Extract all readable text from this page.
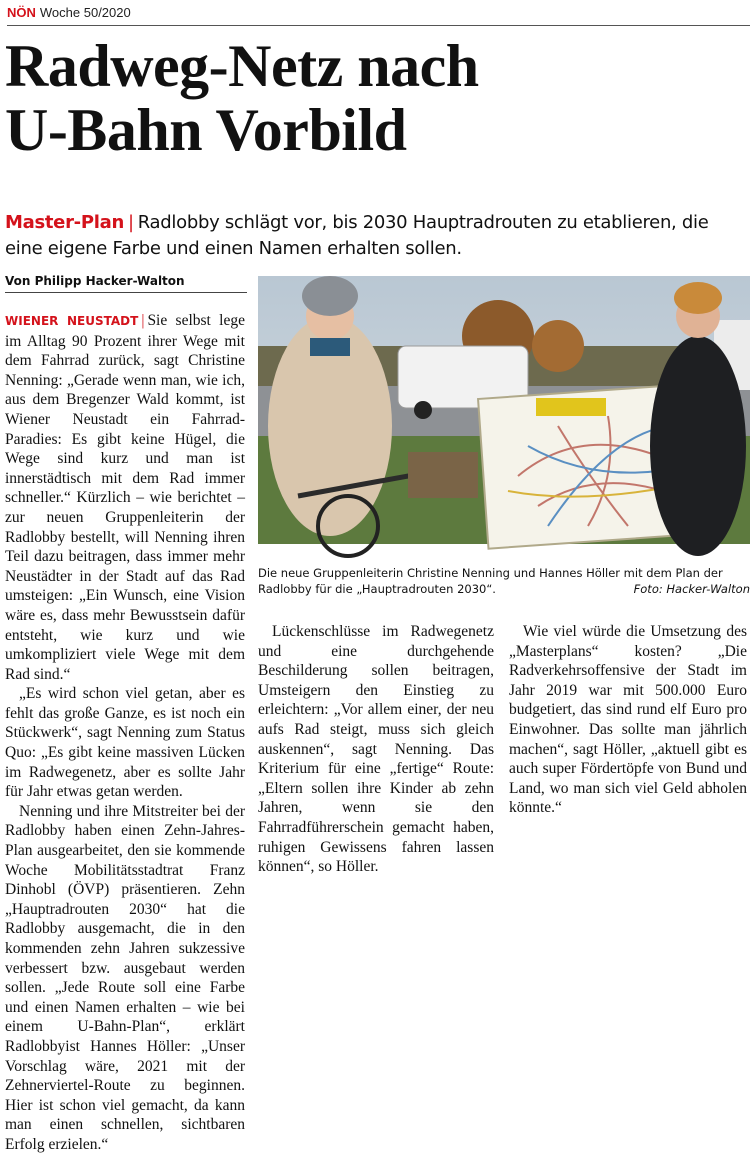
NÖN Woche 50/2020
Radweg-Netz nach
U-Bahn Vorbild
Master-Plan | Radlobby schlägt vor, bis 2030 Hauptradrouten zu etablieren, die eine eigene Farbe und einen Namen erhalten sollen.
Von Philipp Hacker-Walton

WIENER NEUSTADT | Sie selbst lege im Alltag 90 Prozent ihrer Wege mit dem Fahrrad zurück, sagt Christine Nenning: „Gerade wenn man, wie ich, aus dem Bregenzer Wald kommt, ist Wiener Neustadt ein Fahrrad-Paradies: Es gibt keine Hügel, die Wege sind kurz und man ist innerstädtisch mit dem Rad immer schneller.“ Kürzlich – wie berichtet – zur neuen Gruppenleiterin der Radlobby bestellt, will Nenning ihren Teil dazu beitragen, dass immer mehr Neustädter in der Stadt auf das Rad umsteigen: „Ein Wunsch, eine Vision wäre es, dass mehr Bewusstsein dafür entsteht, wie kurz und wie umkompliziert viele Wege mit dem Rad sind.“

„Es wird schon viel getan, aber es fehlt das große Ganze, es ist noch ein Stückwerk“, sagt Nenning zum Status Quo: „Es gibt keine massiven Lücken im Radwegenetz, aber es sollte Jahr für Jahr etwas getan werden.

Nenning und ihre Mitstreiter bei der Radlobby haben einen Zehn-Jahres-Plan ausgearbeitet, den sie kommende Woche Mobilitätsstadtrat Franz Dinhobl (ÖVP) präsentieren. Zehn „Hauptradrouten 2030“ hat die Radlobby ausgemacht, die in den kommenden zehn Jahren sukzessive verbessert bzw. ausgebaut werden sollen. „Jede Route soll eine Farbe und einen Namen erhalten – wie bei einem U-Bahn-Plan“, erklärt Radlobbyist Hannes Höller: „Unser Vorschlag wäre, 2021 mit der Zehnerviertel-Route zu beginnen. Hier ist schon viel gemacht, da kann man einen schnellen, sichtbaren Erfolg erzielen.“

Lückenschlüsse im Radwegenetz und eine durchgehende Beschilderung sollen beitragen, Umsteigern den Einstieg zu erleichtern: „Vor allem einer, der neu aufs Rad steigt, muss sich gleich auskennen“, sagt Nenning. Das Kriterium für eine „fertige“ Route: „Eltern sollen ihre Kinder ab zehn Jahren, wenn sie den Fahrradführerschein gemacht haben, ruhigen Gewissens fahren lassen können“, so Höller.

Wie viel würde die Umsetzung des „Masterplans“ kosten? „Die Radverkehrsoffensive der Stadt im Jahr 2019 war mit 500.000 Euro budgetiert, das sind rund elf Euro pro Einwohner. Das sollte man jährlich machen“, sagt Höller, „aktuell gibt es auch super Fördertöpfe von Bund und Land, wo man sich viel Geld abholen könnte.“

Die neue Gruppenleiterin Christine Nenning und Hannes Höller mit dem Plan der Radlobby für die „Hauptradrouten 2030“.	Foto: Hacker-Walton
